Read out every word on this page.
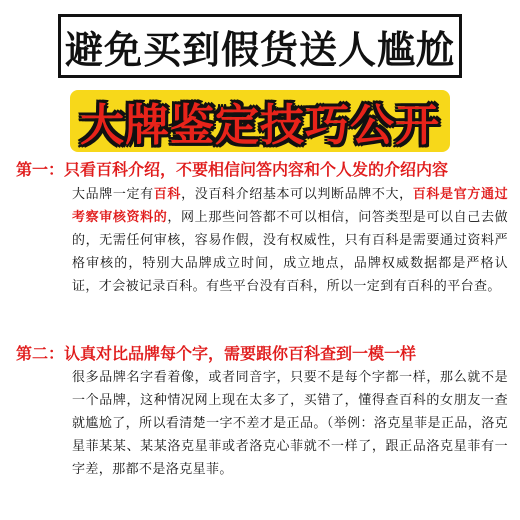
避免买到假货送人尴尬
大牌鉴定技巧公开
第一：只看百科介绍，不要相信问答内容和个人发的介绍内容
大品牌一定有百科，没百科介绍基本可以判断品牌不大，百科是官方通过考察审核资料的，网上那些问答都不可以相信，问答类型是可以自己去做的，无需任何审核，容易作假，没有权威性，只有百科是需要通过资料严格审核的，特别大品牌成立时间，成立地点，品牌权威数据都是严格认证，才会被记录百科。有些平台没有百科，所以一定到有百科的平台查。
第二：认真对比品牌每个字，需要跟你百科查到一模一样
很多品牌名字看着像，或者同音字，只要不是每个字都一样，那么就不是一个品牌，这种情况网上现在太多了，买错了，懂得查百科的女朋友一查就尴尬了，所以看清楚一字不差才是正品。（举例：洛克星菲是正品，洛克星菲某某、某某洛克星菲或者洛克心菲就不一样了，跟正品洛克星菲有一字差，那都不是洛克星菲。
